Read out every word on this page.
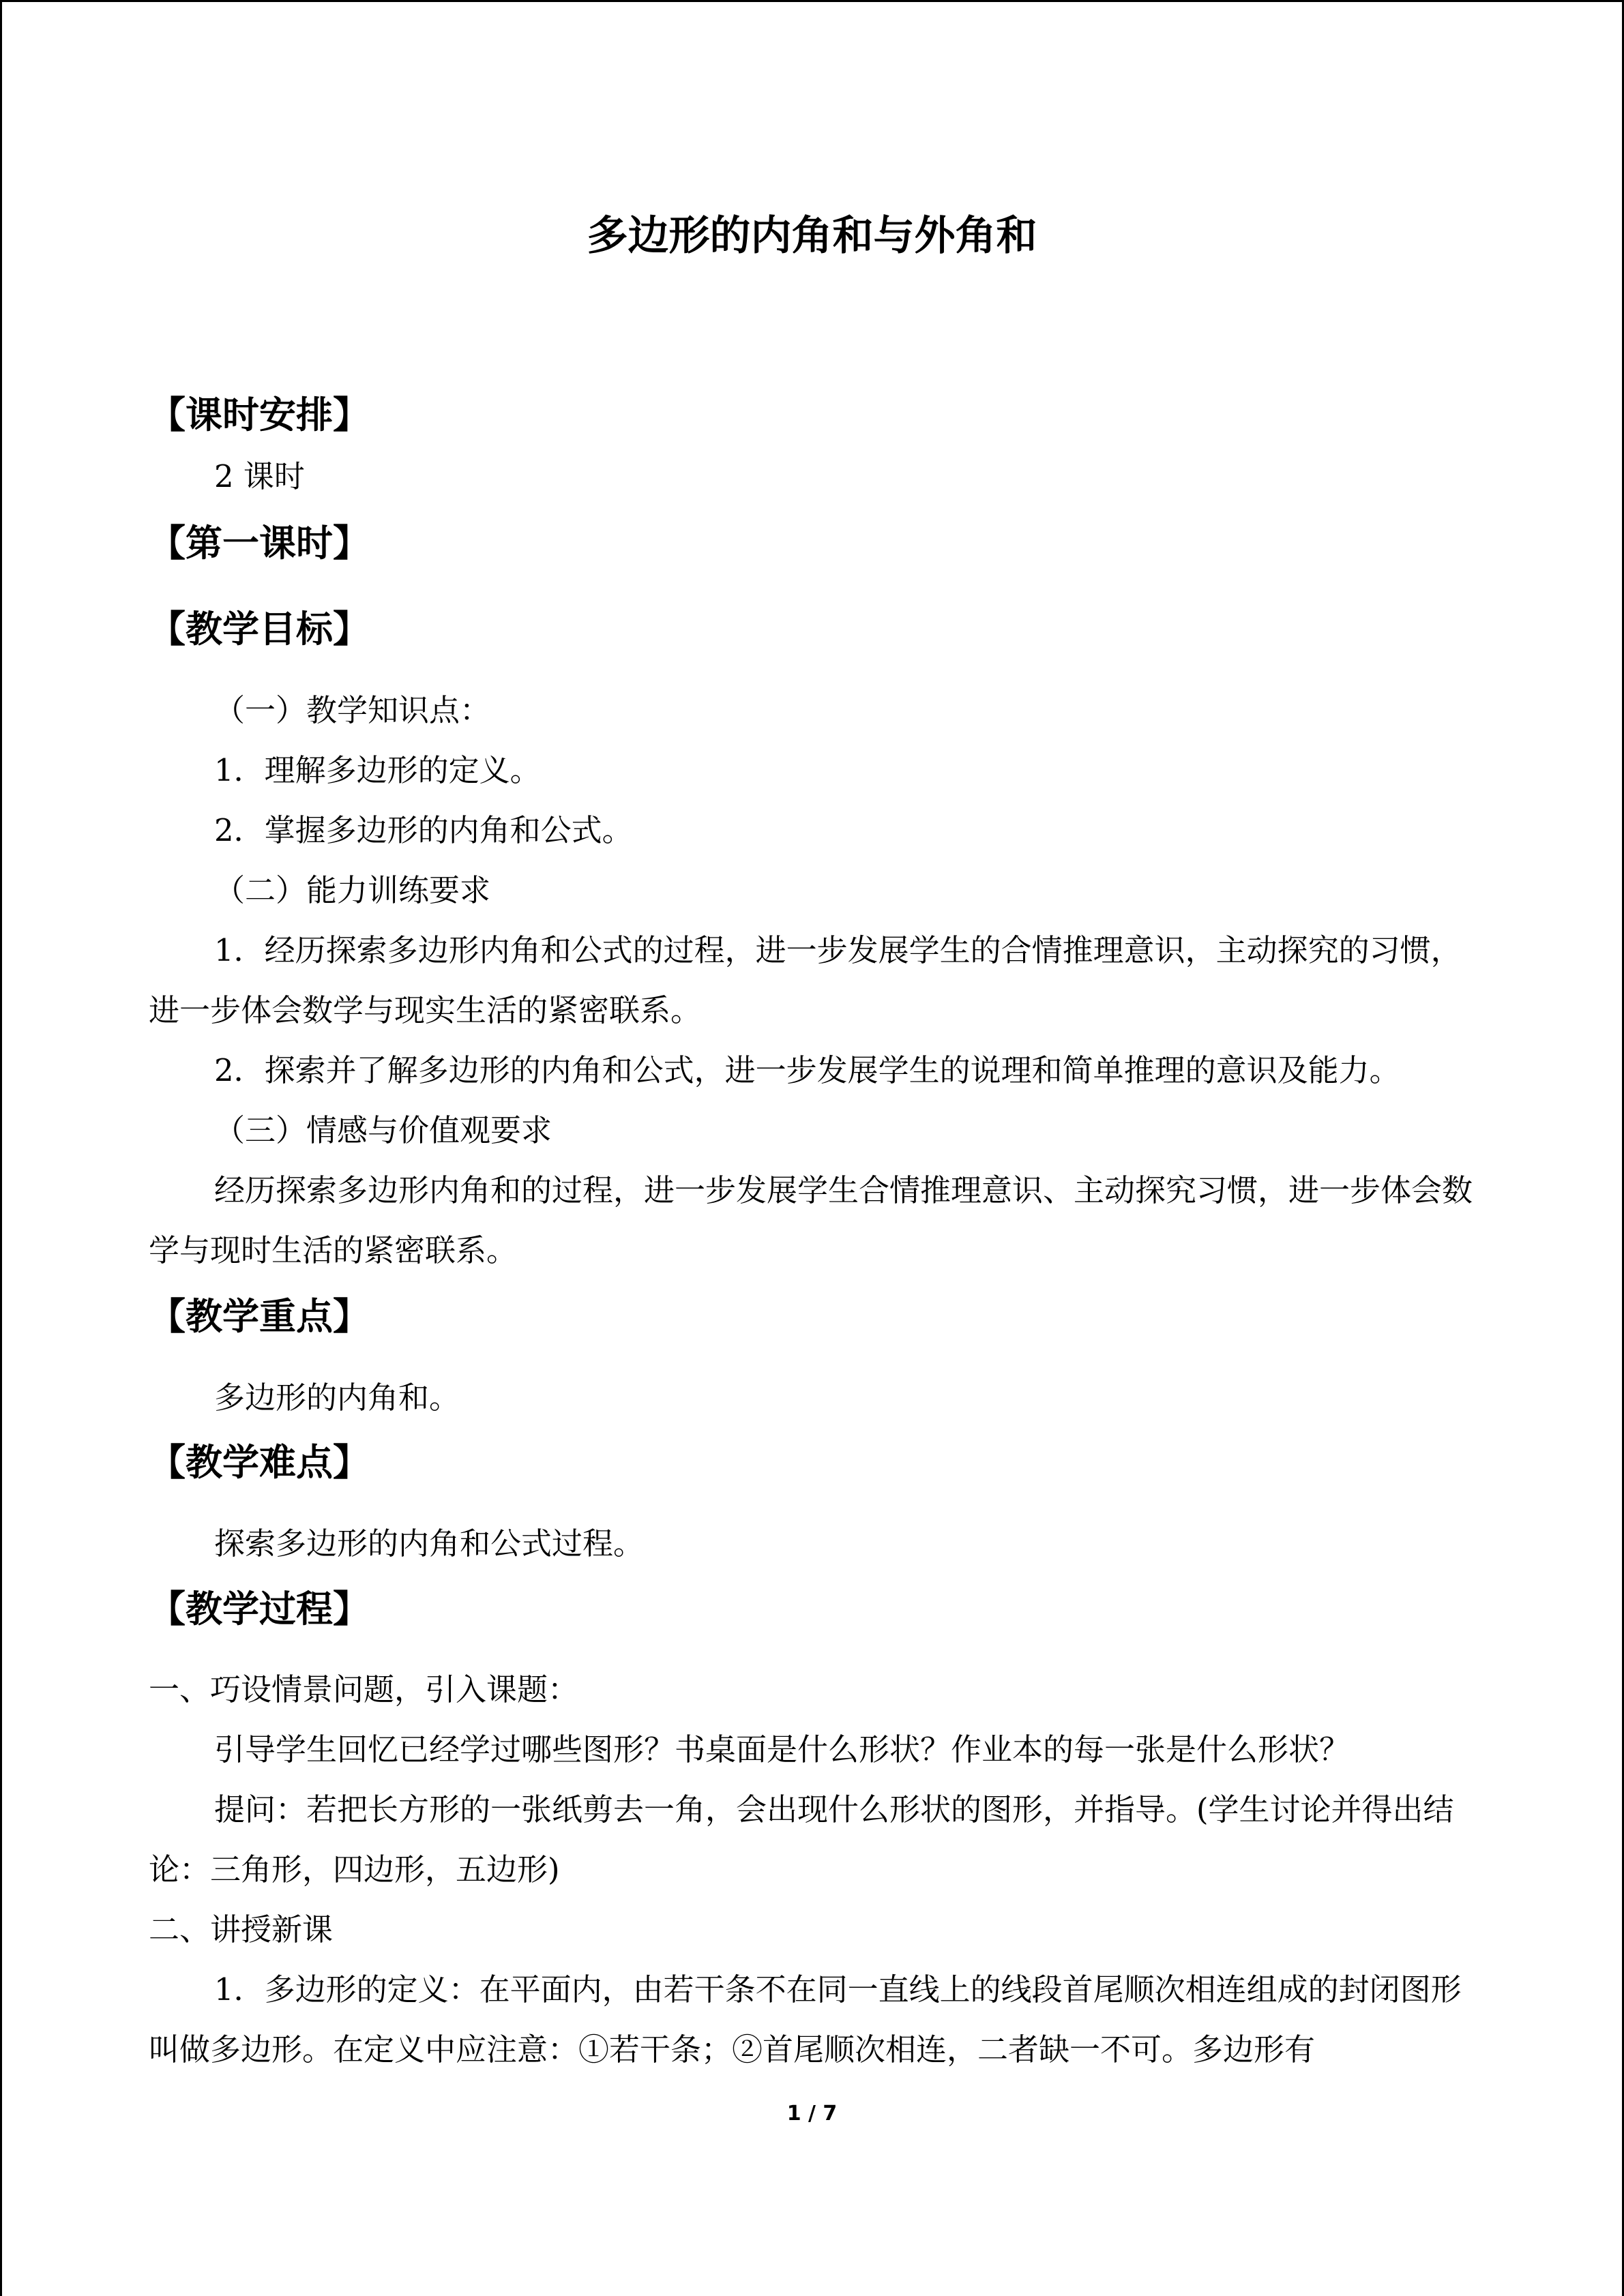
多边形的内角和与外角和
【课时安排】
2 课时
【第一课时】
【教学目标】
（一）教学知识点：
1．理解多边形的定义。
2．掌握多边形的内角和公式。
（二）能力训练要求
1．经历探索多边形内角和公式的过程，进一步发展学生的合情推理意识，主动探究的习惯，进一步体会数学与现实生活的紧密联系。
2．探索并了解多边形的内角和公式，进一步发展学生的说理和简单推理的意识及能力。
（三）情感与价值观要求
经历探索多边形内角和的过程，进一步发展学生合情推理意识、主动探究习惯，进一步体会数学与现时生活的紧密联系。
【教学重点】
多边形的内角和。
【教学难点】
探索多边形的内角和公式过程。
【教学过程】
一、巧设情景问题，引入课题：
引导学生回忆已经学过哪些图形？书桌面是什么形状？作业本的每一张是什么形状？
提问：若把长方形的一张纸剪去一角，会出现什么形状的图形，并指导。(学生讨论并得出结论：三角形，四边形，五边形)
二、讲授新课
1．多边形的定义：在平面内，由若干条不在同一直线上的线段首尾顺次相连组成的封闭图形叫做多边形。在定义中应注意：①若干条；②首尾顺次相连，二者缺一不可。多边形有
1 / 7
